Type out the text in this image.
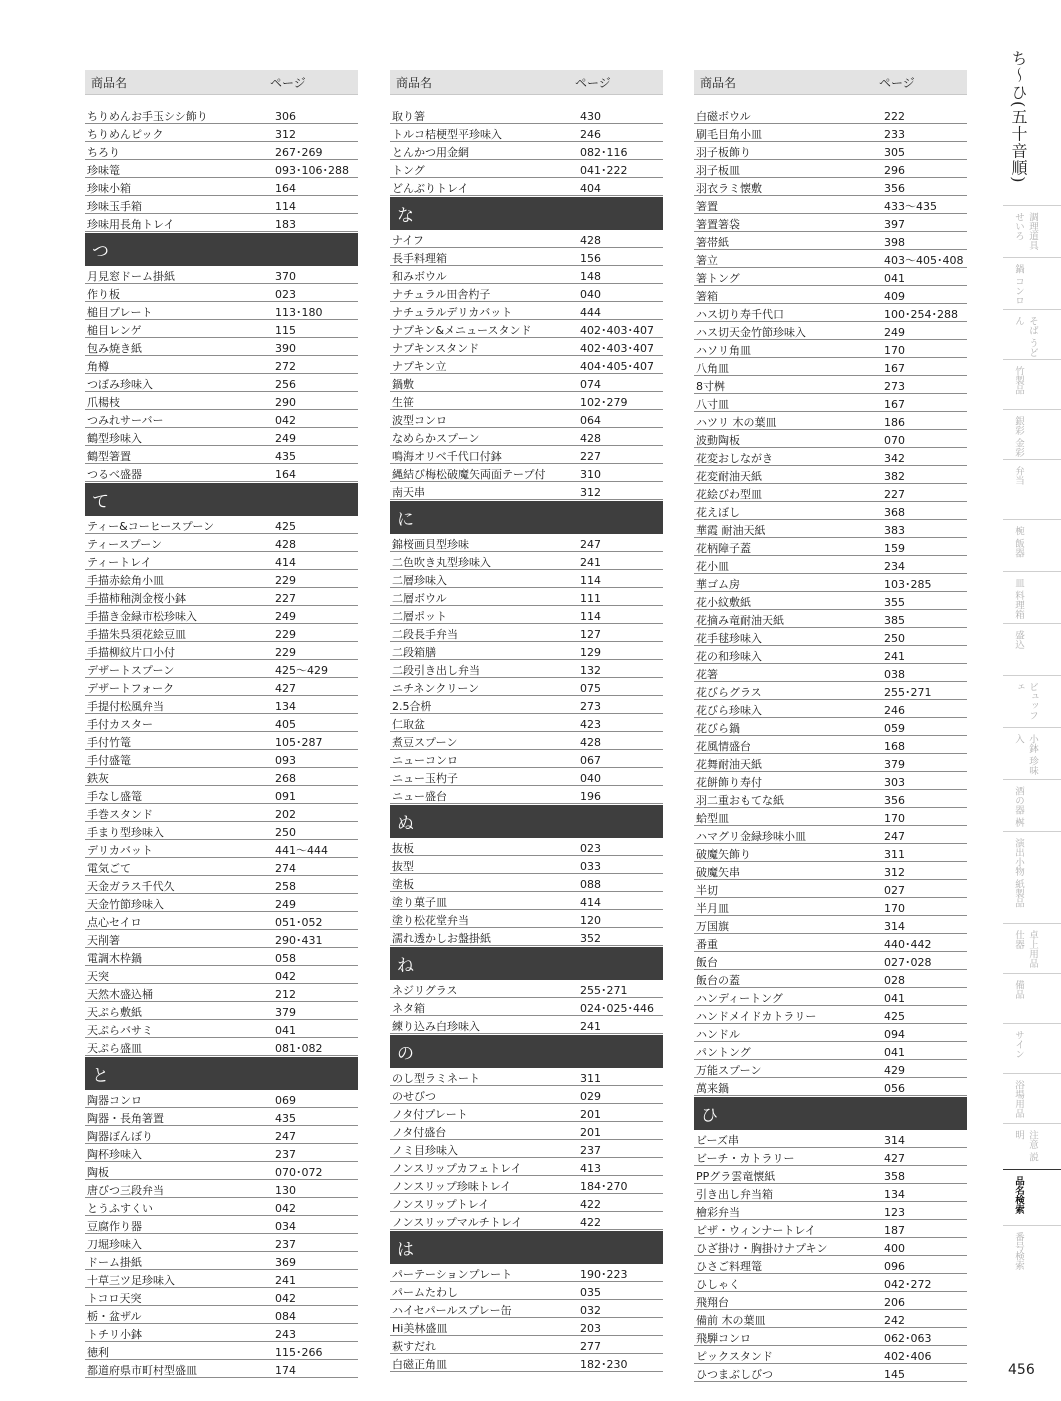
商品名	ページ
ちりめんお手玉シシ飾り	306
ちりめんピック	312
ちろり	267･269
珍味篭	093･106･288
珍味小箱	164
珍味玉手箱	114
珍味用長角トレイ	183
つ
月見窓ドーム掛紙	370
作り板	023
槌目プレート	113･180
槌目レンゲ	115
包み焼き紙	390
角樽	272
つぼみ珍味入	256
爪楊枝	290
つみれサーバー	042
鶴型珍味入	249
鶴型箸置	435
つるべ盛器	164
て
ティー&コーヒースプーン	425
ティースプーン	428
ティートレイ	414
手描赤絵角小皿	229
手描柿釉渕金桜小鉢	227
手描き金緑市松珍味入	249
手描朱呉須花絵豆皿	229
手描柳紋片口小付	229
デザートスプーン	425〜429
デザートフォーク	427
手提付松風弁当	134
手付カスター	405
手付竹篭	105･287
手付盛篭	093
鉄灰	268
手なし盛篭	091
手巻スタンド	202
手まり型珍味入	250
デリカバット	441〜444
電気ごて	274
天金ガラス千代久	258
天金竹節珍味入	249
点心セイロ	051･052
天削箸	290･431
電調木枠鍋	058
天突	042
天然木盛込桶	212
天ぷら敷紙	379
天ぷらバサミ	041
天ぷら盛皿	081･082
と
陶器コンロ	069
陶器・長角箸置	435
陶器ぼんぼり	247
陶杯珍味入	237
陶板	070･072
唐びつ三段弁当	130
とうふすくい	042
豆腐作り器	034
刀堀珍味入	237
ドーム掛紙	369
十草三ツ足珍味入	241
トコロ天突	042
栃・盆ザル	084
トチリ小鉢	243
徳利	115･266
都道府県市町村型盛皿	174
商品名	ページ
取り箸	430
トルコ桔梗型平珍味入	246
とんかつ用金網	082･116
トング	041･222
どんぶりトレイ	404
な
ナイフ	428
長手料理箱	156
和みボウル	148
ナチュラル田舎杓子	040
ナチュラルデリカバット	444
ナプキン&メニュースタンド	402･403･407
ナプキンスタンド	402･403･407
ナプキン立	404･405･407
鍋敷	074
生笹	102･279
波型コンロ	064
なめらかスプーン	428
鳴海オリベ千代口付鉢	227
縄結び梅松破魔矢両面テープ付	310
南天串	312
に
錦桜画貝型珍味	247
二色吹き丸型珍味入	241
二層珍味入	114
二層ボウル	111
二層ポット	114
二段長手弁当	127
二段箱膳	129
二段引き出し弁当	132
ニチネンクリーン	075
2.5合枡	273
仁取盆	423
煮豆スプーン	428
ニューコンロ	067
ニュー玉杓子	040
ニュー盛台	196
ぬ
抜板	023
抜型	033
塗板	088
塗り菓子皿	414
塗り松花堂弁当	120
濡れ透かしお盤掛紙	352
ね
ネジリグラス	255･271
ネタ箱	024･025･446
練り込み白珍味入	241
の
のし型ラミネート	311
のせびつ	029
ノタ付プレート	201
ノタ付盛台	201
ノミ目珍味入	237
ノンスリップカフェトレイ	413
ノンスリップ珍味トレイ	184･270
ノンスリップトレイ	422
ノンスリップマルチトレイ	422
は
パーテーションプレート	190･223
パームたわし	035
ハイセパールスプレー缶	032
Hi美林盛皿	203
萩すだれ	277
白磁正角皿	182･230
商品名	ページ
白磁ボウル	222
刷毛目角小皿	233
羽子板飾り	305
羽子板皿	296
羽衣ラミ懐敷	356
箸置	433〜435
箸置箸袋	397
箸帯紙	398
箸立	403〜405･408
箸トング	041
箸箱	409
ハス切り寿千代口	100･254･288
ハス切天金竹節珍味入	249
ハソリ角皿	170
八角皿	167
8寸桝	273
八寸皿	167
ハツリ 木の葉皿	186
波動陶板	070
花変おしながき	342
花変耐油天紙	382
花絵びわ型皿	227
花えぼし	368
華霞 耐油天紙	383
花柄障子蓋	159
花小皿	234
華ゴム房	103･285
花小紋敷紙	355
花摘み竜耐油天紙	385
花手毬珍味入	250
花の和珍味入	241
花箸	038
花びらグラス	255･271
花びら珍味入	246
花びら鍋	059
花風情盛台	168
花舞耐油天紙	379
花餅飾り寿付	303
羽二重おもてな紙	356
蛤型皿	170
ハマグリ金緑珍味小皿	247
破魔矢飾り	311
破魔矢串	312
半切	027
半月皿	170
万国旗	314
番重	440･442
飯台	027･028
飯台の蓋	028
ハンディートング	041
ハンドメイドカトラリー	425
ハンドル	094
パントング	041
万能スプーン	429
萬来鍋	056
ひ
ビーズ串	314
ビーチ・カトラリー	427
PPグラ雲竜懐紙	358
引き出し弁当箱	134
檜彩弁当	123
ピザ・ウィンナートレイ	187
ひざ掛け・胸掛けナプキン	400
ひさご料理篭	096
ひしゃく	042･272
飛翔台	206
備前 木の葉皿	242
飛騨コンロ	062･063
ピックスタンド	402･406
ひつまぶしびつ	145
ち〜ひ(五十音順)
調理道具 せいろ
鍋 コンロ
そば うどん
竹製品
銀彩 金彩
弁当
椀 飯器
皿 料理箱
盛込
ビュッフェ
小鉢 珍味入
酒の器 桝
演出小物 紙製品
卓上用品 仕器
備品
サイン
浴場用品
注意 説明
品名検索
番号検索
456
